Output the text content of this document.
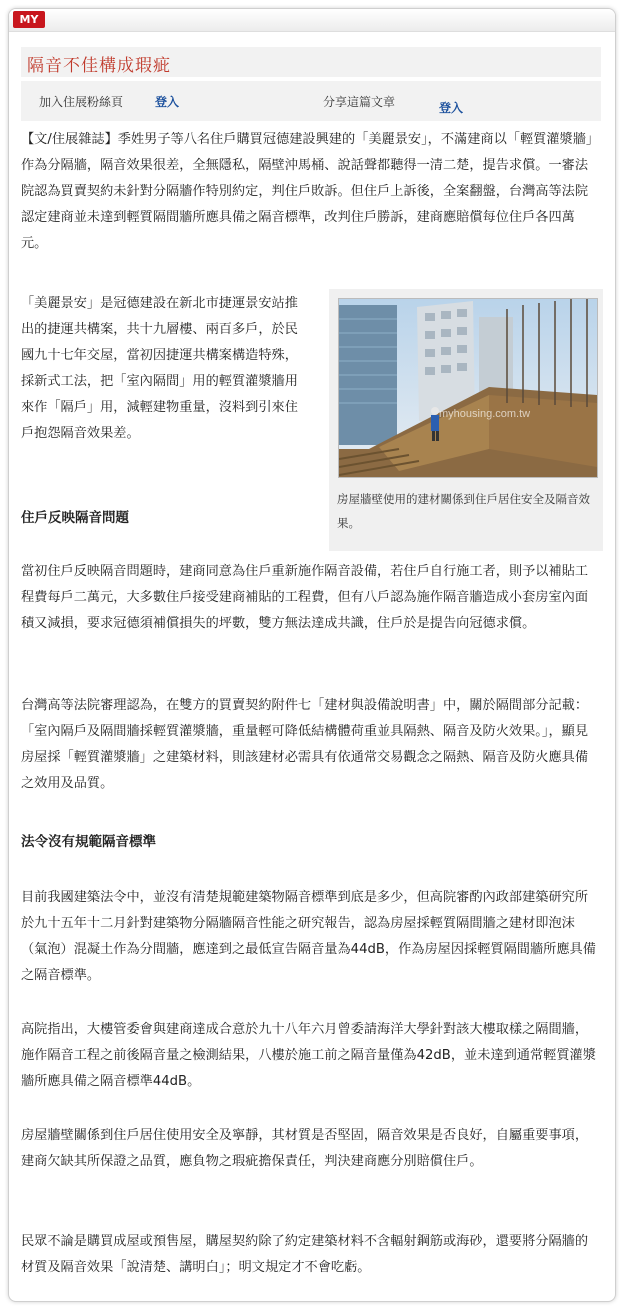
MY
隔音不佳構成瑕疵
加入住展粉絲頁	登入	分享這篇文章	登入

【文/住展雜誌】季姓男子等八名住戶購買冠德建設興建的「美麗景安」，不滿建商以「輕質灌漿牆」作為分隔牆，隔音效果很差，全無隱私，隔壁沖馬桶、說話聲都聽得一清二楚，提告求償。一審法院認為買賣契約未針對分隔牆作特別約定，判住戶敗訴。但住戶上訴後，全案翻盤，台灣高等法院認定建商並未達到輕質隔間牆所應具備之隔音標準，改判住戶勝訴，建商應賠償每位住戶各四萬元。

「美麗景安」是冠德建設在新北市捷運景安站推出的捷運共構案，共十九層樓、兩百多戶，於民國九十七年交屋，當初因捷運共構案構造特殊，採新式工法，把「室內隔間」用的輕質灌漿牆用來作「隔戶」用，減輕建物重量，沒料到引來住戶抱怨隔音效果差。

myhousing.com.tw

房屋牆壁使用的建材關係到住戶居住安全及隔音效果。

住戶反映隔音問題

當初住戶反映隔音問題時，建商同意為住戶重新施作隔音設備，若住戶自行施工者，則予以補貼工程費每戶二萬元，大多數住戶接受建商補貼的工程費，但有八戶認為施作隔音牆造成小套房室內面積又減損，要求冠德須補償損失的坪數，雙方無法達成共識，住戶於是提告向冠德求償。

台灣高等法院審理認為，在雙方的買賣契約附件七「建材與設備說明書」中，關於隔間部分記載：「室內隔戶及隔間牆採輕質灌漿牆，重量輕可降低結構體荷重並具隔熱、隔音及防火效果。」，顯見房屋採「輕質灌漿牆」之建築材料，則該建材必需具有依通常交易觀念之隔熱、隔音及防火應具備之效用及品質。

法令沒有規範隔音標準

目前我國建築法令中，並沒有清楚規範建築物隔音標準到底是多少，但高院審酌內政部建築研究所於九十五年十二月針對建築物分隔牆隔音性能之研究報告，認為房屋採輕質隔間牆之建材即泡沫（氣泡）混凝土作為分間牆，應達到之最低宣告隔音量為44dB，作為房屋因採輕質隔間牆所應具備之隔音標準。

高院指出，大樓管委會與建商達成合意於九十八年六月曾委請海洋大學針對該大樓取樣之隔間牆，施作隔音工程之前後隔音量之檢測結果，八樓於施工前之隔音量僅為42dB，並未達到通常輕質灌漿牆所應具備之隔音標準44dB。

房屋牆壁關係到住戶居住使用安全及寧靜，其材質是否堅固，隔音效果是否良好，自屬重要事項，建商欠缺其所保證之品質，應負物之瑕疵擔保責任，判決建商應分別賠償住戶。

民眾不論是購買成屋或預售屋，購屋契約除了約定建築材料不含輻射鋼筋或海砂，還要將分隔牆的材質及隔音效果「說清楚、講明白」；明文規定才不會吃虧。
